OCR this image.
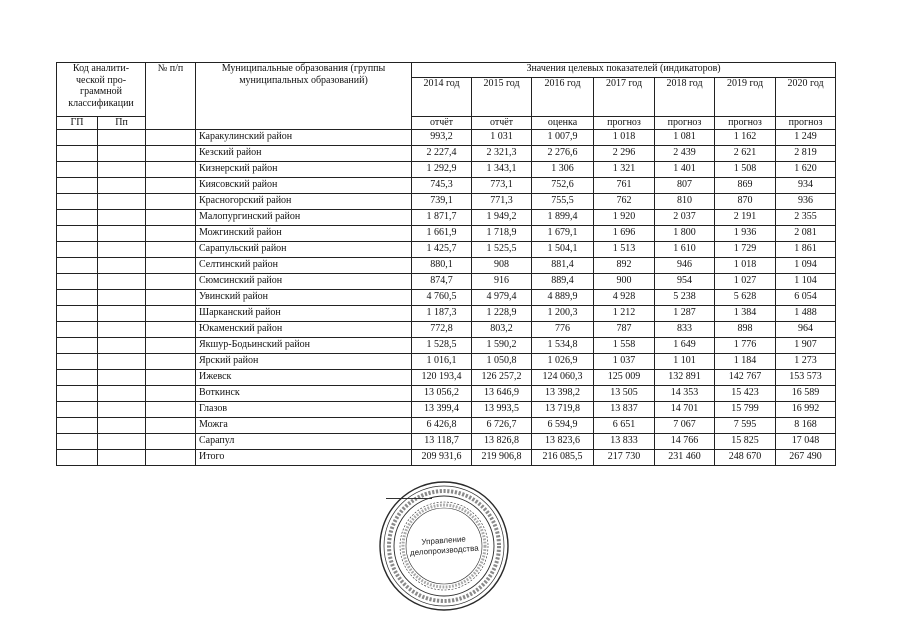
Код аналити-ческой про-граммной классификации		№ п/п	Муниципальные образования (группы муниципальных образований)	Значения целевых показателей (индикаторов)						
				2014 год	2015 год	2016 год	2017 год	2018 год	2019 год	2020 год
				отчёт	отчёт	оценка	прогноз	прогноз	прогноз	прогноз
ГП	Пп									
			Каракулинский район	993,2	1 031	1 007,9	1 018	1 081	1 162	1 249
			Кезский район	2 227,4	2 321,3	2 276,6	2 296	2 439	2 621	2 819
			Кизнерский район	1 292,9	1 343,1	1 306	1 321	1 401	1 508	1 620
			Киясовский район	745,3	773,1	752,6	761	807	869	934
			Красногорский район	739,1	771,3	755,5	762	810	870	936
			Малопургинский район	1 871,7	1 949,2	1 899,4	1 920	2 037	2 191	2 355
			Можгинский район	1 661,9	1 718,9	1 679,1	1 696	1 800	1 936	2 081
			Сарапульский район	1 425,7	1 525,5	1 504,1	1 513	1 610	1 729	1 861
			Селтинский район	880,1	908	881,4	892	946	1 018	1 094
			Сюмсинский район	874,7	916	889,4	900	954	1 027	1 104
			Увинский район	4 760,5	4 979,4	4 889,9	4 928	5 238	5 628	6 054
			Шарканский район	1 187,3	1 228,9	1 200,3	1 212	1 287	1 384	1 488
			Юкаменский район	772,8	803,2	776	787	833	898	964
			Якшур-Бодьинский район	1 528,5	1 590,2	1 534,8	1 558	1 649	1 776	1 907
			Ярский район	1 016,1	1 050,8	1 026,9	1 037	1 101	1 184	1 273
			Ижевск	120 193,4	126 257,2	124 060,3	125 009	132 891	142 767	153 573
			Воткинск	13 056,2	13 646,9	13 398,2	13 505	14 353	15 423	16 589
			Глазов	13 399,4	13 993,5	13 719,8	13 837	14 701	15 799	16 992
			Можга	6 426,8	6 726,7	6 594,9	6 651	7 067	7 595	8 168
			Сарапул	13 118,7	13 826,8	13 823,6	13 833	14 766	15 825	17 048
			Итого	209 931,6	219 906,8	216 085,5	217 730	231 460	248 670	267 490
Управление
делопроизводства
